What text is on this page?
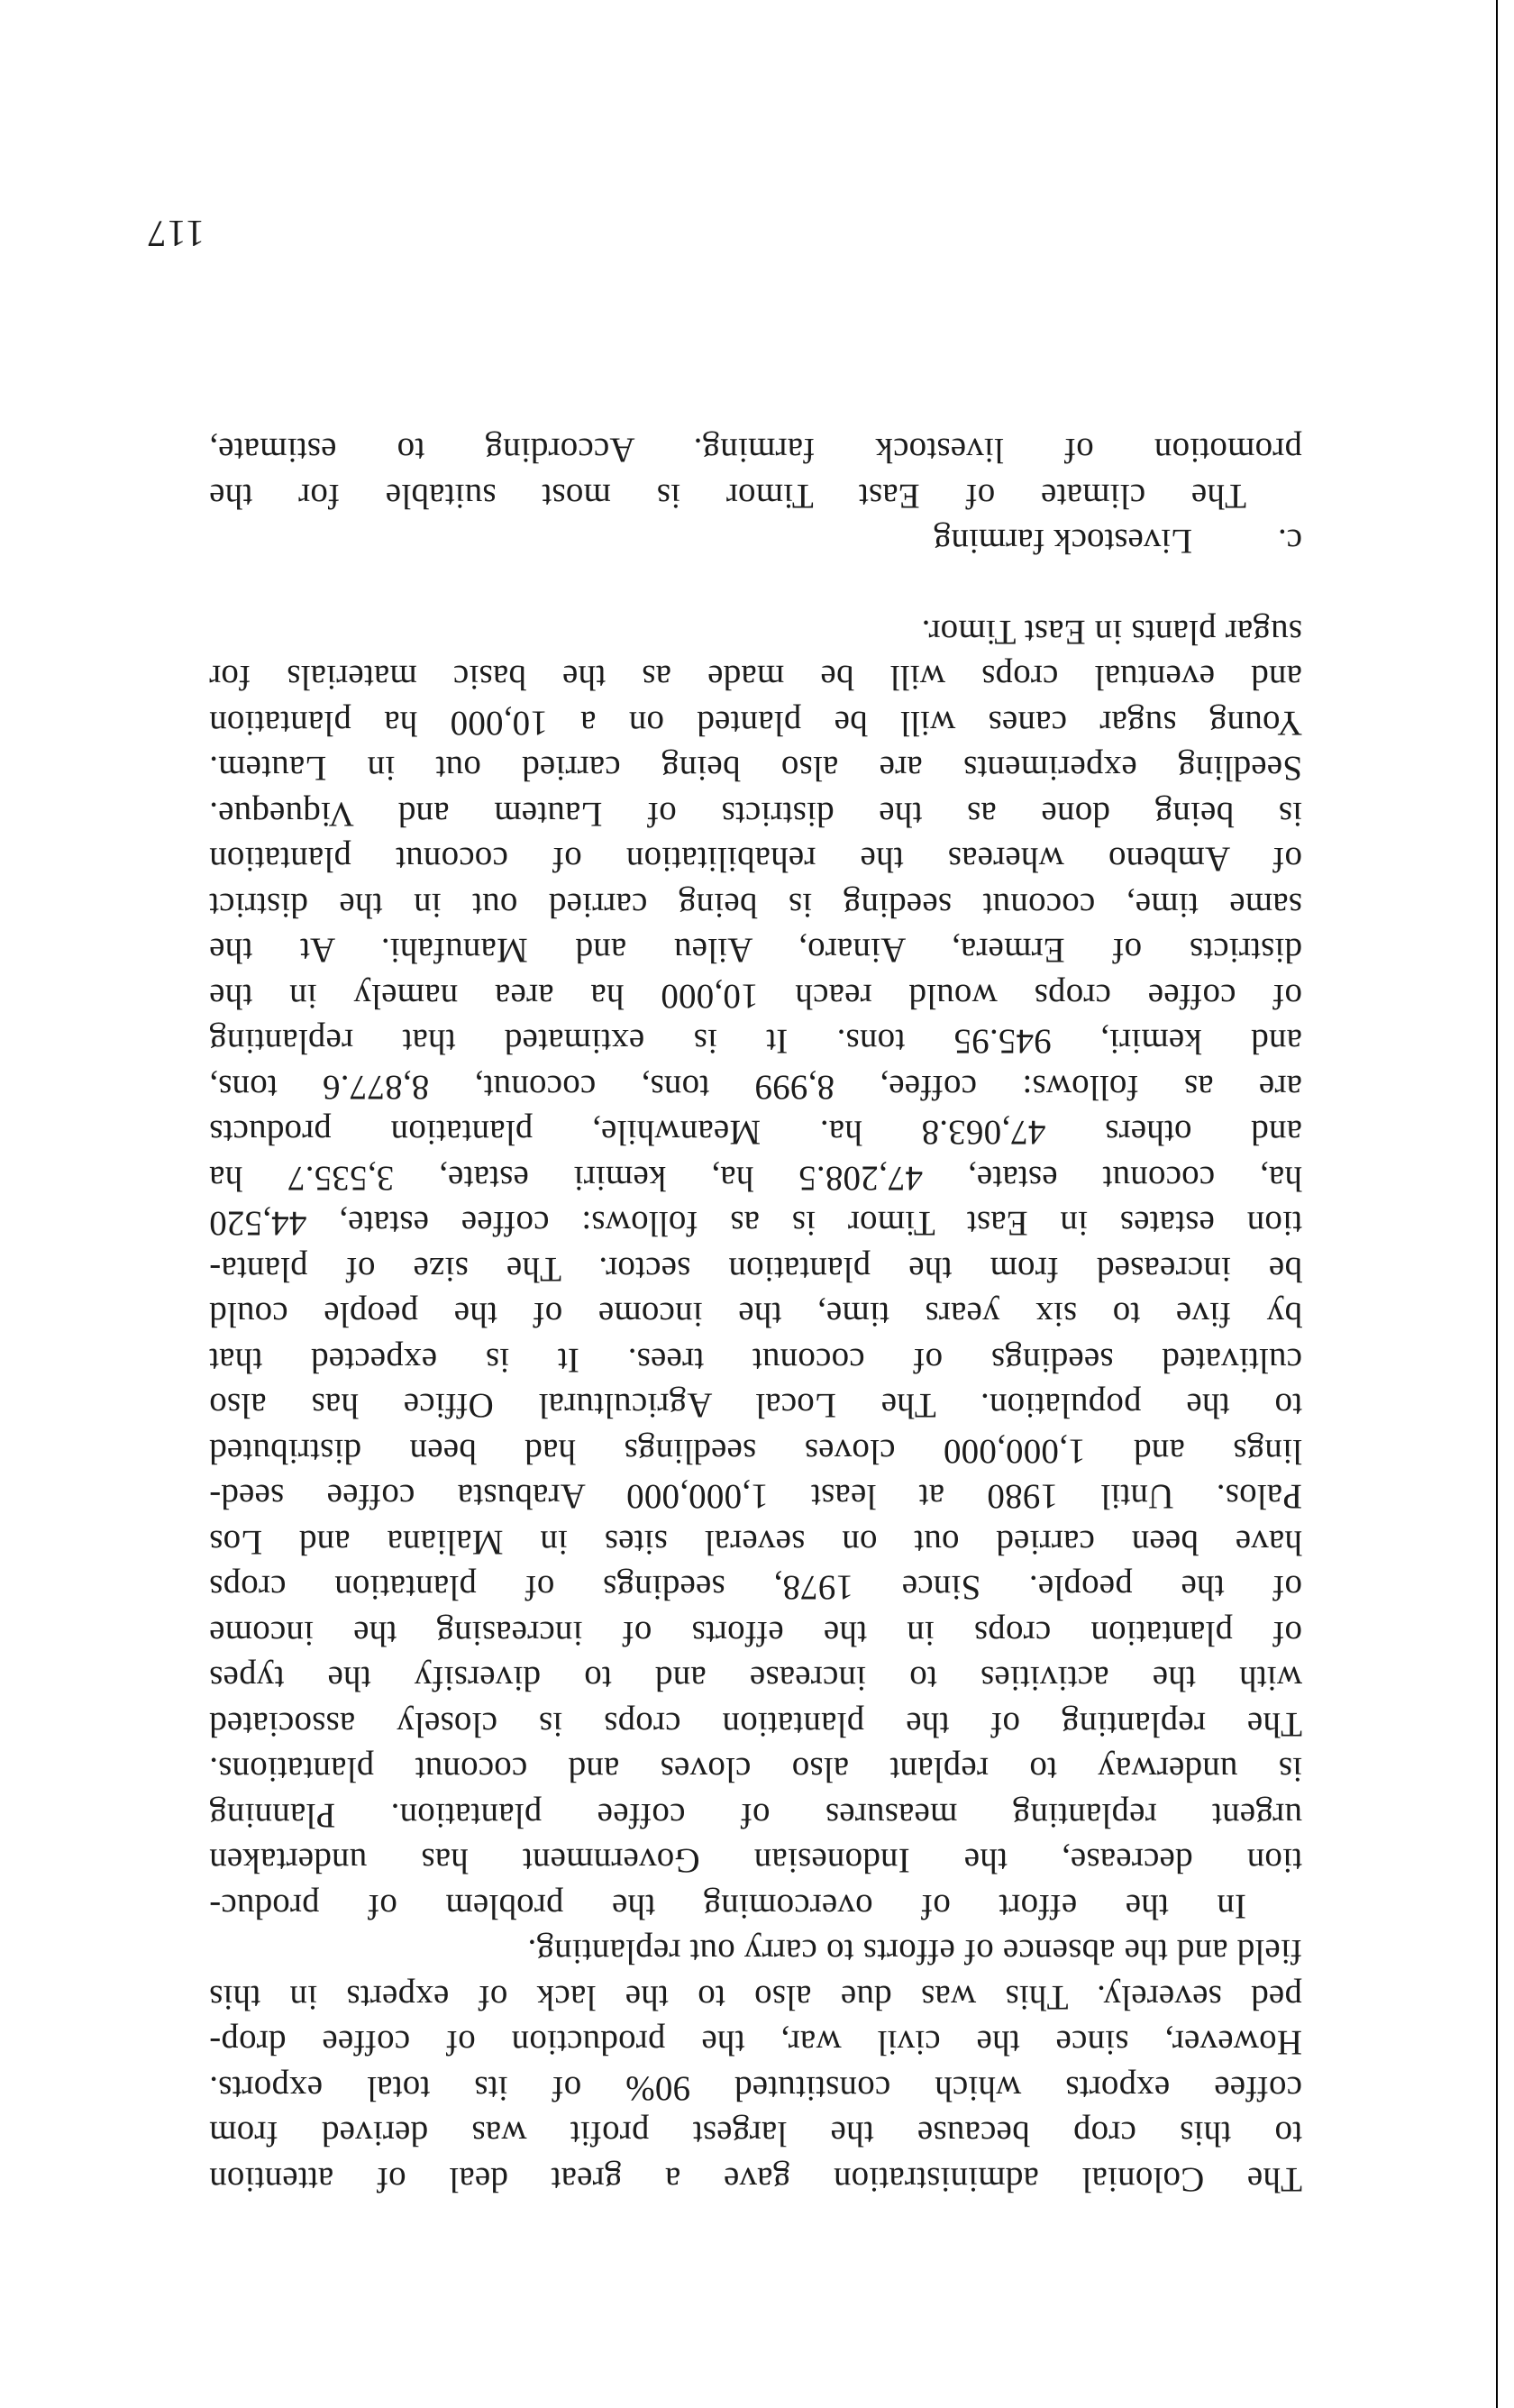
The Colonial administration gave a great deal of attention
to this crop because the largest profit was derived from
coffee exports which constituted 90% of its total exports.
However, since the civil war, the production of coffee drop-
ped severely. This was due also to the lack of experts in this
field and the absence of efforts to carry out replanting.
In the effort of overcoming the problem of produc-
tion decrease, the Indonesian Government has undertaken
urgent replanting measures of coffee plantation. Planning
is underway to replant also cloves and coconut plantations.
The replanting of the plantation crops is closely associated
with the activities to increase and to diversify the types
of plantation crops in the efforts of increasing the income
of the people. Since 1978, seedings of plantation crops
have been carried out on several sites in Maliana and Los
Palos. Until 1980 at least 1,000,000 Arabusta coffee seed-
lings and 1,000,000 cloves seedlings had been distributed
to the population. The Local Agricultural Office has also
cultivated seedings of coconut trees. It is expected that
by five to six years time, the income of the people could
be increased from the plantation sector. The size of planta-
tion estates in East Timor is as follows: coffee estate, 44,520
ha, coconut estate, 47,208.5 ha, kemiri estate, 3,535.7 ha
and others 47,063.8 ha. Meanwhile, plantation products
are as follows: coffee, 8,999 tons, coconut, 8,877.6 tons,
and kemiri, 945.95 tons. It is extimated that replanting
of coffee crops would reach 10,000 ha area namely in the
districts of Ermera, Ainaro, Aileu and Manufahi. At the
same time, coconut seeding is being carried out in the district
of Ambeno whereas the rehabilitation of coconut plantation
is being done as the districts of Lautem and Viqueque.
Seedling experiments are also being carried out in Lautem.
Young sugar canes will be planted on a 10,000 ha plantation
and eventual crops will be made as the basic materials for
sugar plants in East Timor.
c.Livestock farming
The climate of East Timor is most suitable for the
promotion of livestock farming. According to estimate,
117
